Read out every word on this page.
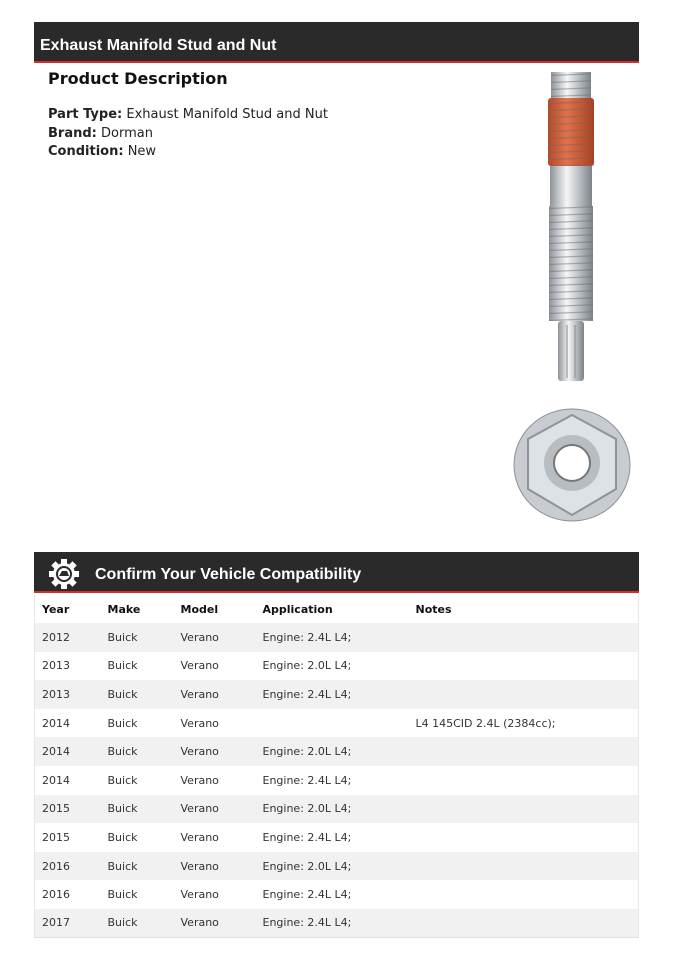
Exhaust Manifold Stud and Nut
Product Description
Part Type: Exhaust Manifold Stud and Nut
Brand: Dorman
Condition: New
Confirm Your Vehicle Compatibility
Year	Make	Model	Application	Notes
2012	Buick	Verano	Engine: 2.4L L4;	
2013	Buick	Verano	Engine: 2.0L L4;	
2013	Buick	Verano	Engine: 2.4L L4;	
2014	Buick	Verano		L4 145CID 2.4L (2384cc);
2014	Buick	Verano	Engine: 2.0L L4;	
2014	Buick	Verano	Engine: 2.4L L4;	
2015	Buick	Verano	Engine: 2.0L L4;	
2015	Buick	Verano	Engine: 2.4L L4;	
2016	Buick	Verano	Engine: 2.0L L4;	
2016	Buick	Verano	Engine: 2.4L L4;	
2017	Buick	Verano	Engine: 2.4L L4;	
